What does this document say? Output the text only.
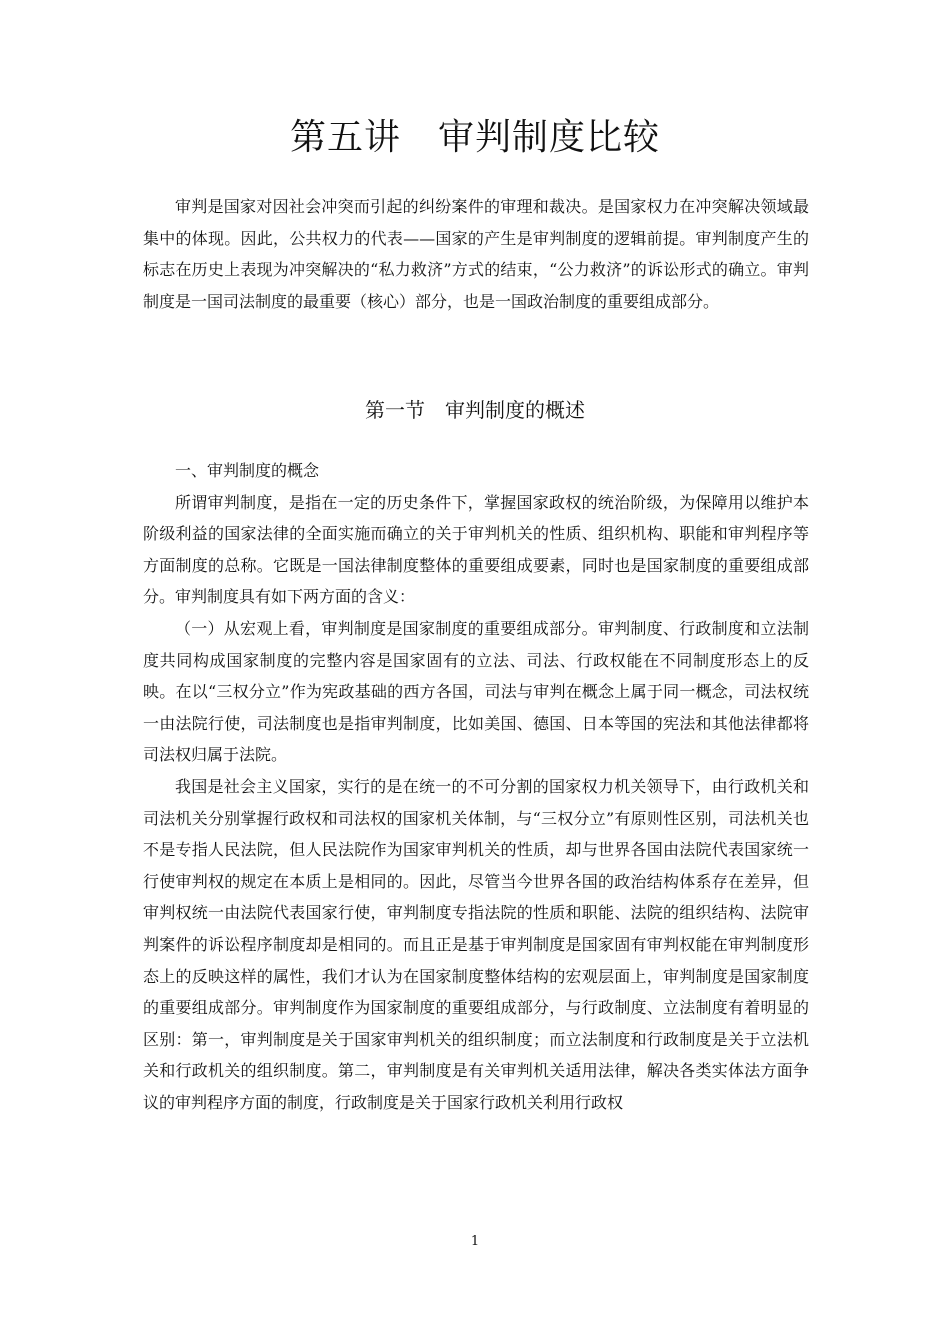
第五讲　审判制度比较

审判是国家对因社会冲突而引起的纠纷案件的审理和裁决。是国家权力在冲突解决领域最集中的体现。因此，公共权力的代表——国家的产生是审判制度的逻辑前提。审判制度产生的标志在历史上表现为冲突解决的“私力救济”方式的结束，“公力救济”的诉讼形式的确立。审判制度是一国司法制度的最重要（核心）部分，也是一国政治制度的重要组成部分。

第一节　审判制度的概述

一、审判制度的概念

所谓审判制度，是指在一定的历史条件下，掌握国家政权的统治阶级，为保障用以维护本阶级利益的国家法律的全面实施而确立的关于审判机关的性质、组织机构、职能和审判程序等方面制度的总称。它既是一国法律制度整体的重要组成要素，同时也是国家制度的重要组成部分。审判制度具有如下两方面的含义：

（一）从宏观上看，审判制度是国家制度的重要组成部分。审判制度、行政制度和立法制度共同构成国家制度的完整内容是国家固有的立法、司法、行政权能在不同制度形态上的反映。在以“三权分立”作为宪政基础的西方各国，司法与审判在概念上属于同一概念，司法权统一由法院行使，司法制度也是指审判制度，比如美国、德国、日本等国的宪法和其他法律都将司法权归属于法院。

我国是社会主义国家，实行的是在统一的不可分割的国家权力机关领导下，由行政机关和司法机关分别掌握行政权和司法权的国家机关体制，与“三权分立”有原则性区别，司法机关也不是专指人民法院，但人民法院作为国家审判机关的性质，却与世界各国由法院代表国家统一行使审判权的规定在本质上是相同的。因此，尽管当今世界各国的政治结构体系存在差异，但审判权统一由法院代表国家行使，审判制度专指法院的性质和职能、法院的组织结构、法院审判案件的诉讼程序制度却是相同的。而且正是基于审判制度是国家固有审判权能在审判制度形态上的反映这样的属性，我们才认为在国家制度整体结构的宏观层面上，审判制度是国家制度的重要组成部分。审判制度作为国家制度的重要组成部分，与行政制度、立法制度有着明显的区别：第一，审判制度是关于国家审判机关的组织制度；而立法制度和行政制度是关于立法机关和行政机关的组织制度。第二，审判制度是有关审判机关适用法律，解决各类实体法方面争议的审判程序方面的制度，行政制度是关于国家行政机关利用行政权

1
